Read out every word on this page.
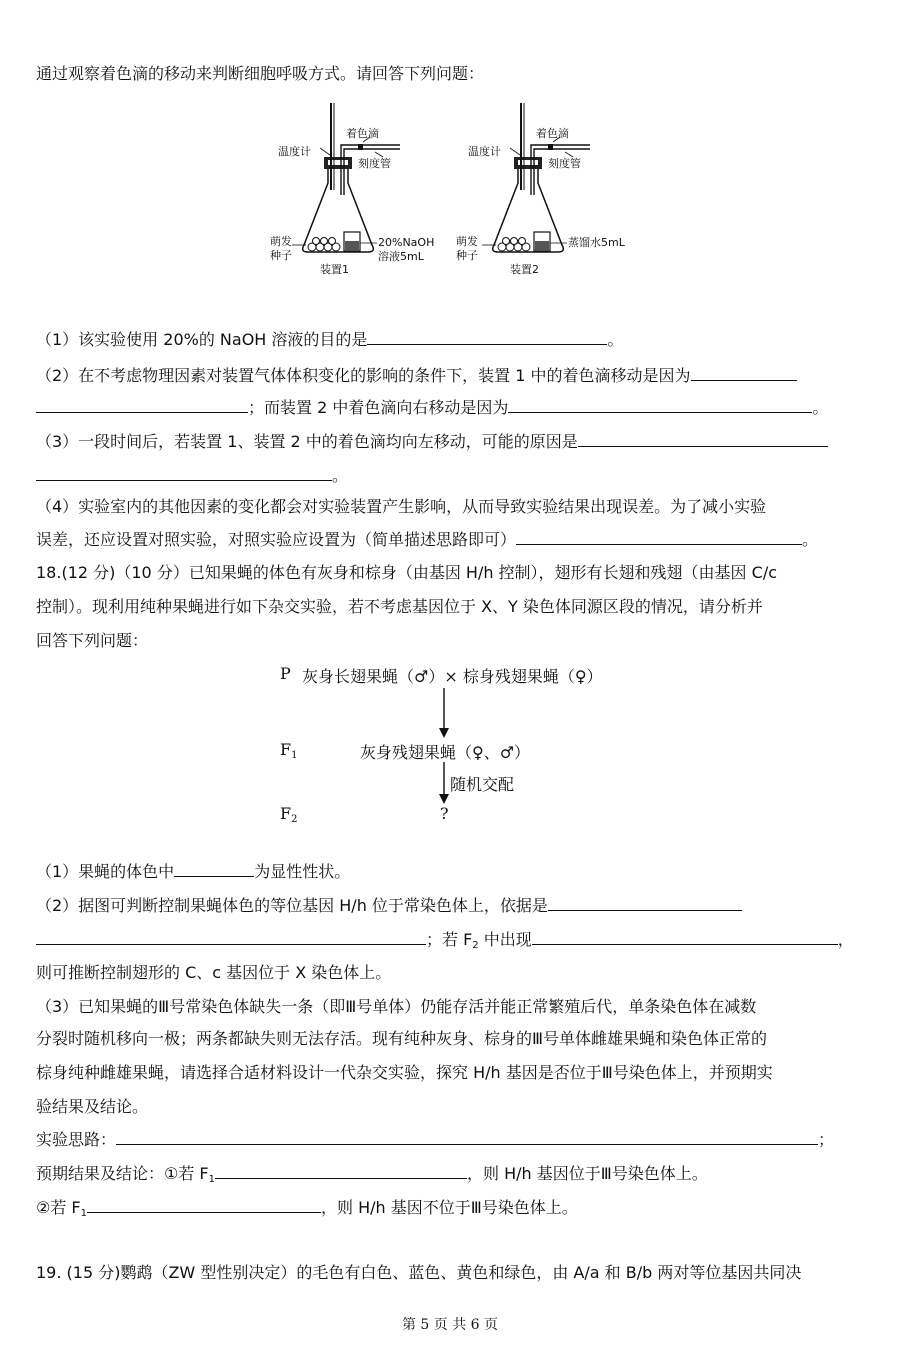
通过观察着色滴的移动来判断细胞呼吸方式。请回答下列问题：
温度计
着色滴
刻度管
萌发
种子
20%NaOH
溶液5mL
装置1
温度计
着色滴
刻度管
萌发
种子
蒸馏水5mL
装置2
（1）该实验使用 20%的 NaOH 溶液的目的是	。
（2）在不考虑物理因素对装置气体体积变化的影响的条件下，装置 1 中的着色滴移动是因为
；而装置 2 中着色滴向右移动是因为	。
（3）一段时间后，若装置 1、装置 2 中的着色滴均向左移动，可能的原因是
。
（4）实验室内的其他因素的变化都会对实验装置产生影响，从而导致实验结果出现误差。为了减小实验
误差，还应设置对照实验，对照实验应设置为（简单描述思路即可）	。
18.(12 分)（10 分）已知果蝇的体色有灰身和棕身（由基因 H/h 控制），翅形有长翅和残翅（由基因 C/c
控制）。现利用纯种果蝇进行如下杂交实验，若不考虑基因位于 X、Y 染色体同源区段的情况，请分析并
回答下列问题：
P 灰身长翅果蝇（♂）× 棕身残翅果蝇（♀）
$F_1$	灰身残翅果蝇（♀、♂）
随机交配
$F_2$	?
（1）果蝇的体色中	为显性性状。
（2）据图可判断控制果蝇体色的等位基因 H/h 位于常染色体上，依据是
；若 $F_2$ 中出现	，
则可推断控制翅形的 C、c 基因位于 X 染色体上。
（3）已知果蝇的Ⅲ号常染色体缺失一条（即Ⅲ号单体）仍能存活并能正常繁殖后代，单条染色体在减数
分裂时随机移向一极；两条都缺失则无法存活。现有纯种灰身、棕身的Ⅲ号单体雌雄果蝇和染色体正常的
棕身纯种雌雄果蝇，请选择合适材料设计一代杂交实验，探究 H/h 基因是否位于Ⅲ号染色体上，并预期实
验结果及结论。
实验思路：	；
预期结果及结论：①若 $F_1$	，则 H/h 基因位于Ⅲ号染色体上。
②若 $F_1$	，则 H/h 基因不位于Ⅲ号染色体上。
19. (15 分)鹦鹉（ZW 型性别决定）的毛色有白色、蓝色、黄色和绿色，由 A/a 和 B/b 两对等位基因共同决
第 5 页 共 6 页
